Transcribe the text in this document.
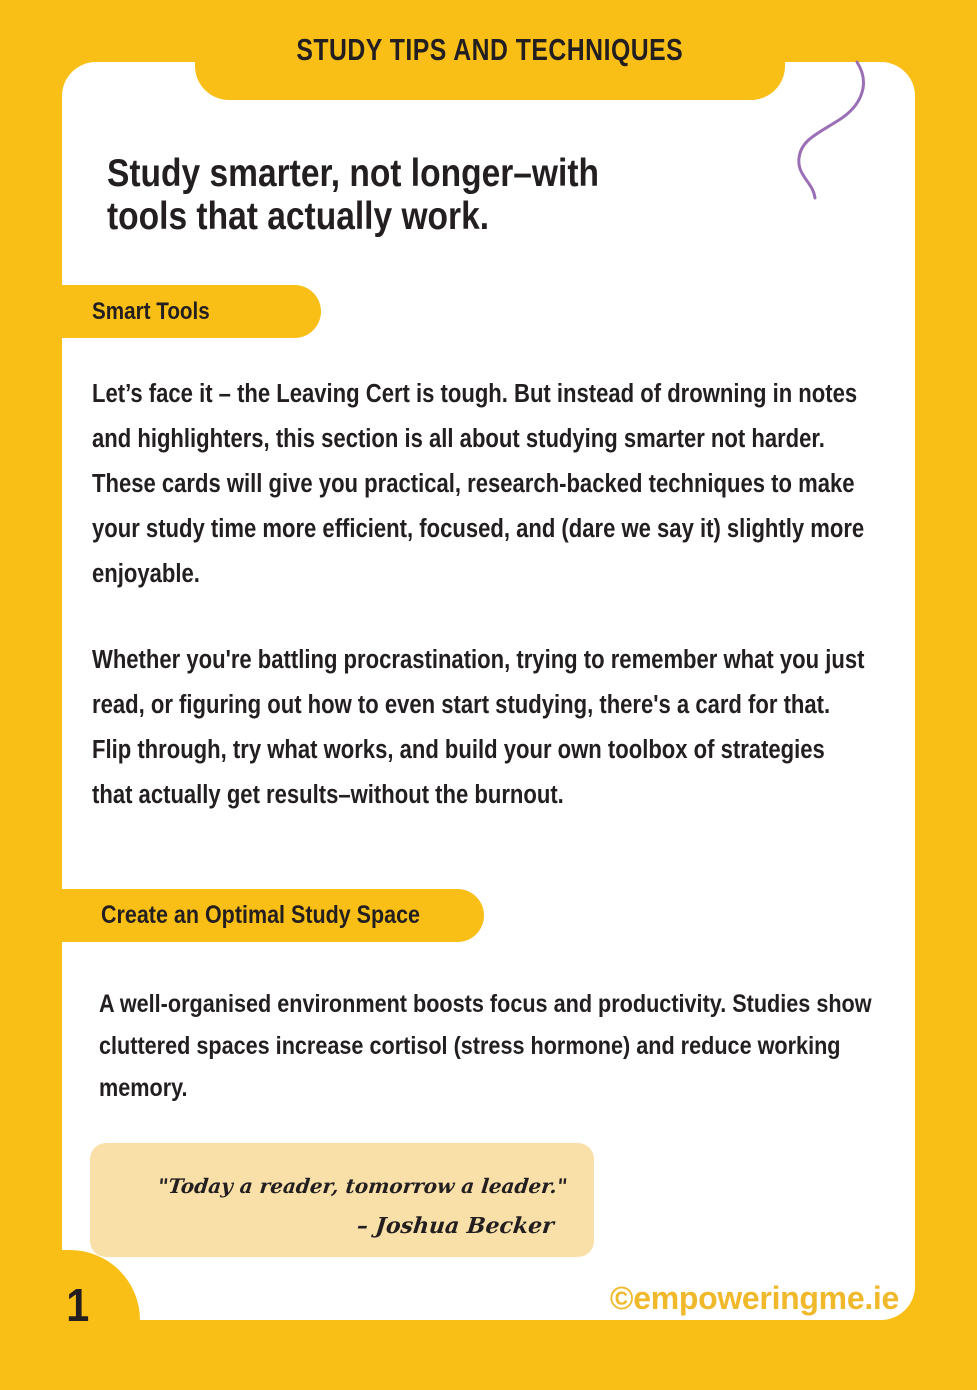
STUDY TIPS AND TECHNIQUES
Study smarter, not longer–with
tools that actually work.
Smart Tools

Let’s face it – the Leaving Cert is tough. But instead of drowning in notes and highlighters, this section is all about studying smarter not harder. These cards will give you practical, research-backed techniques to make your study time more efficient, focused, and (dare we say it) slightly more enjoyable.

Whether you're battling procrastination, trying to remember what you just read, or figuring out how to even start studying, there's a card for that. Flip through, try what works, and build your own toolbox of strategies that actually get results–without the burnout.

Create an Optimal Study Space

A well-organised environment boosts focus and productivity. Studies show cluttered spaces increase cortisol (stress hormone) and reduce working memory.

"Today a reader, tomorrow a leader."
– Joshua Becker
1	©empoweringme.ie
